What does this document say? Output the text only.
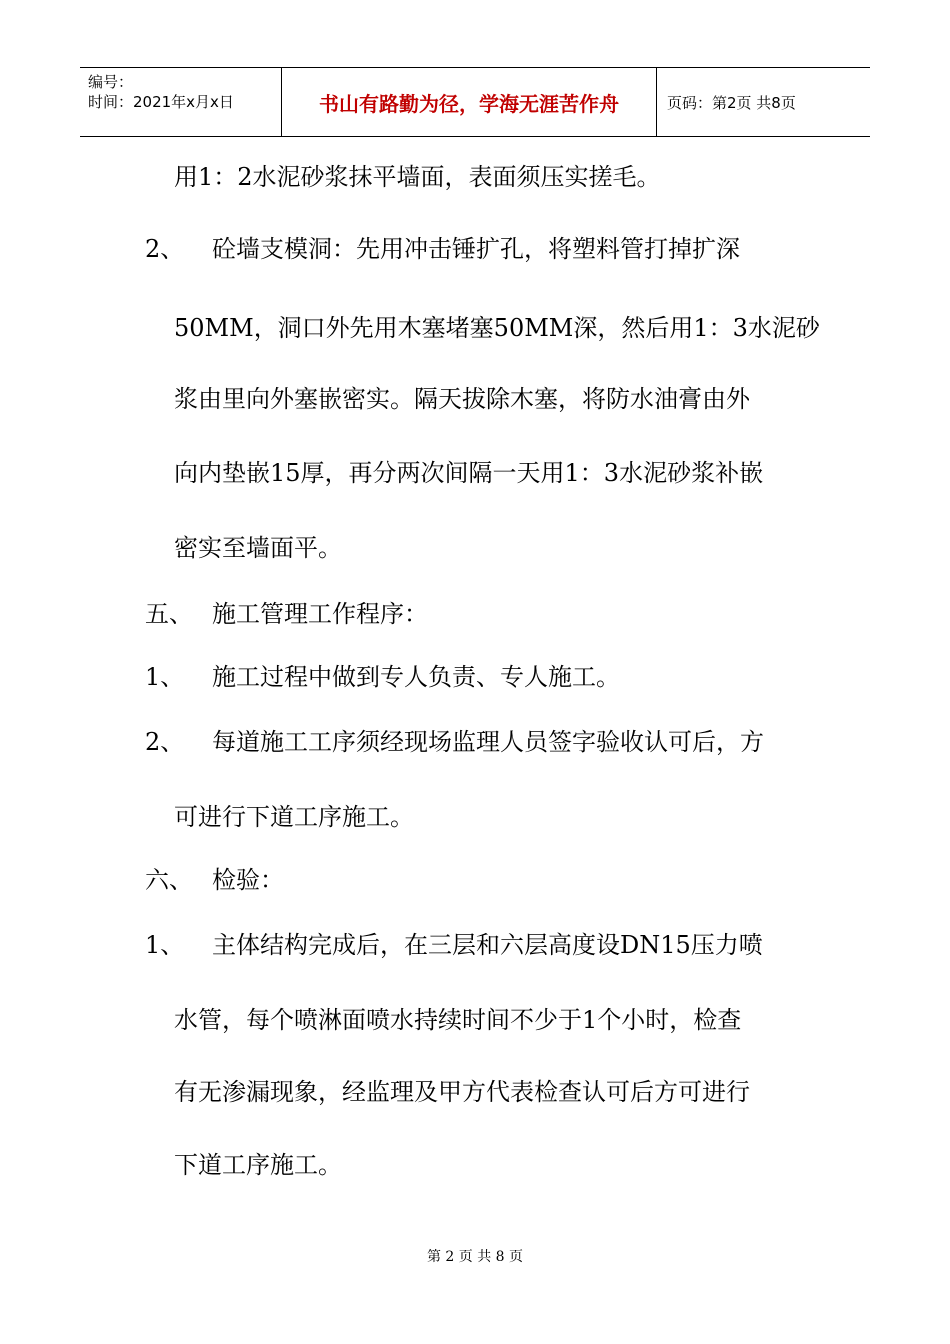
编号：
时间：2021年x月x日	书山有路勤为径，学海无涯苦作舟	页码：第2页 共8页
用1：2水泥砂浆抹平墙面，表面须压实搓毛。
2、 砼墙支模洞：先用冲击锤扩孔，将塑料管打掉扩深
50MM，洞口外先用木塞堵塞50MM深，然后用1：3水泥砂
浆由里向外塞嵌密实。隔天拔除木塞，将防水油膏由外
向内垫嵌15厚，再分两次间隔一天用1：3水泥砂浆补嵌
密实至墙面平。
五、 施工管理工作程序：
1、 施工过程中做到专人负责、专人施工。
2、 每道施工工序须经现场监理人员签字验收认可后，方
可进行下道工序施工。
六、 检验：
1、 主体结构完成后，在三层和六层高度设DN15压力喷
水管，每个喷淋面喷水持续时间不少于1个小时，检查
有无渗漏现象，经监理及甲方代表检查认可后方可进行
下道工序施工。
第 2 页 共 8 页
